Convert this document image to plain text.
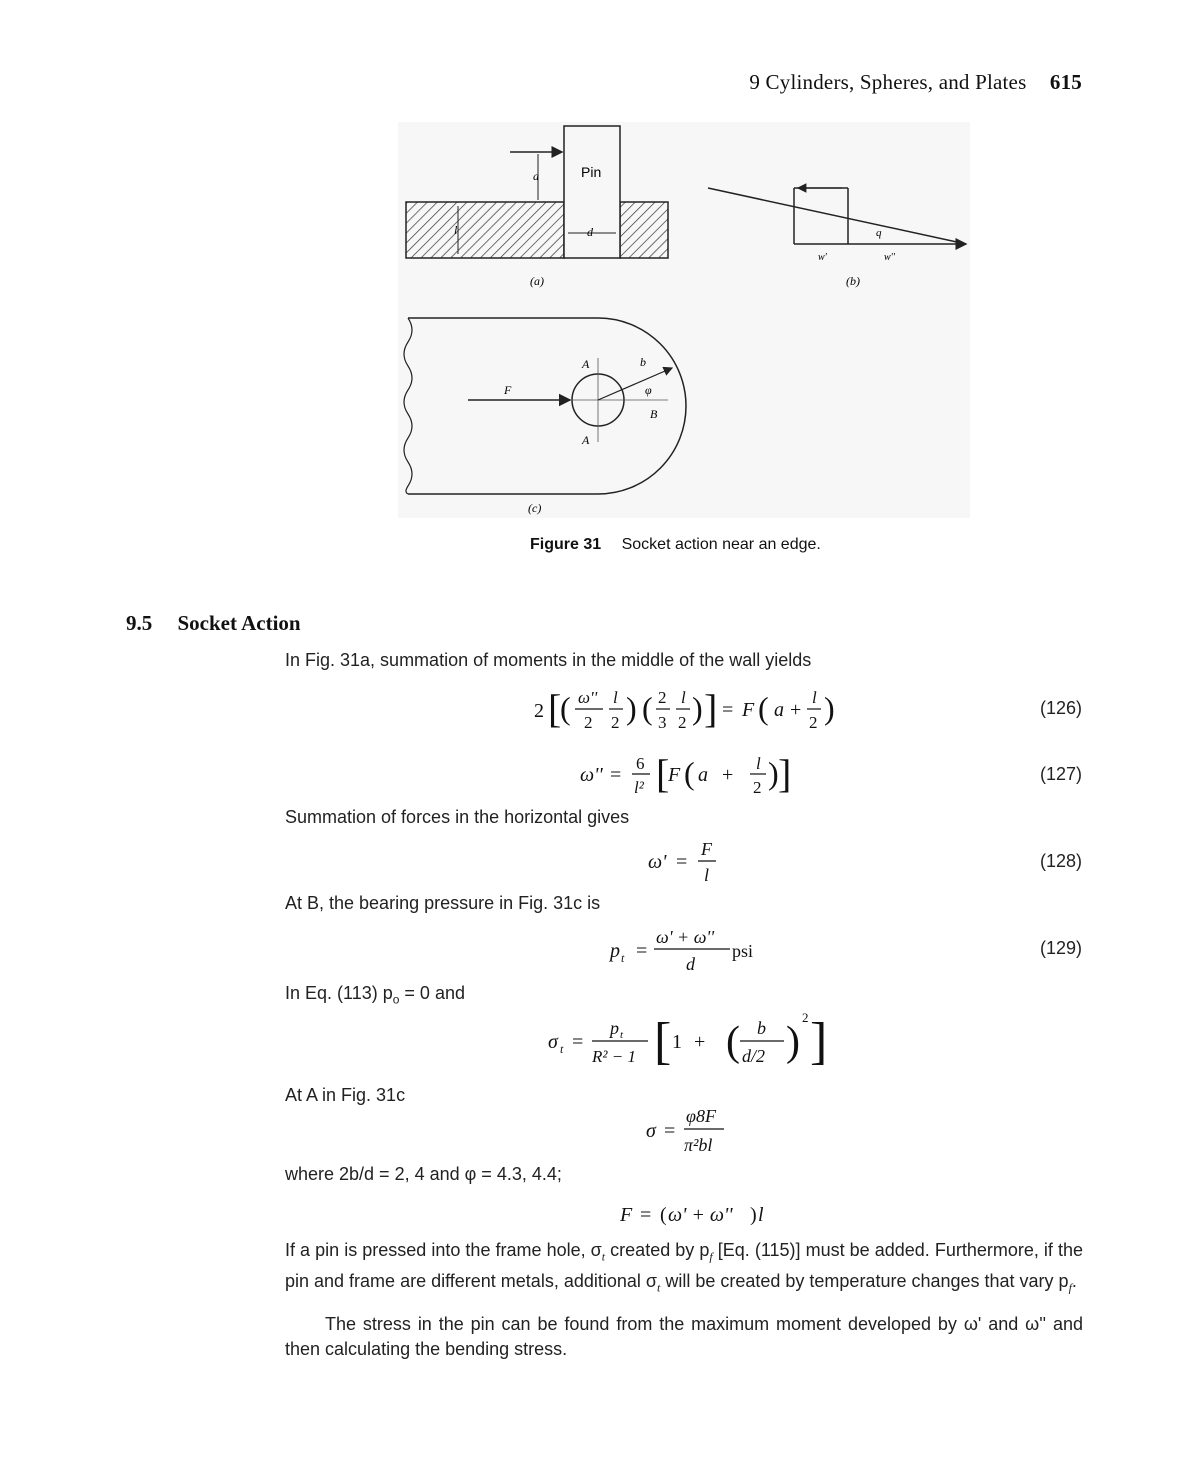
9 Cylinders, Spheres, and Plates 615
Pin
a
l	d
(a)
q
w'	w''
(b)
F
A
A
B
b
φ
(c)
Figure 31 Socket action near an edge.
9.5 Socket Action
In Fig. 31a, summation of moments in the middle of the wall yields
Summation of forces in the horizontal gives
At B, the bearing pressure in Fig. 31c is
In Eq. (113) $p_o = 0$ and
At A in Fig. 31c
where 2b/d = 2, 4 and φ = 4.3, 4.4;
(126)
(127)
(128)
(129)
2 [
( ω''
2
l
2 ) ( 2
3
l
2 ) ] = F ( a +
l
2 )
ω'' =
6
l² [
F ( a +
l
2 ) ]
ω' =
F
l
p t =
ω' + ω''
d
psi
σ t =
p t
R² − 1 [ 1 + ( b
d/2 )
2 ]
σ =
φ8F
π²bl
F = ( ω' + ω'' ) l
If a pin is pressed into the frame hole, $\sigma_t$ created by $p_f$ [Eq. (115)] must be added. Furthermore, if the pin and frame are different metals, additional $\sigma_t$ will be created by temperature changes that vary $p_f$.
The stress in the pin can be found from the maximum moment developed by ω' and ω'' and then calculating the bending stress.
